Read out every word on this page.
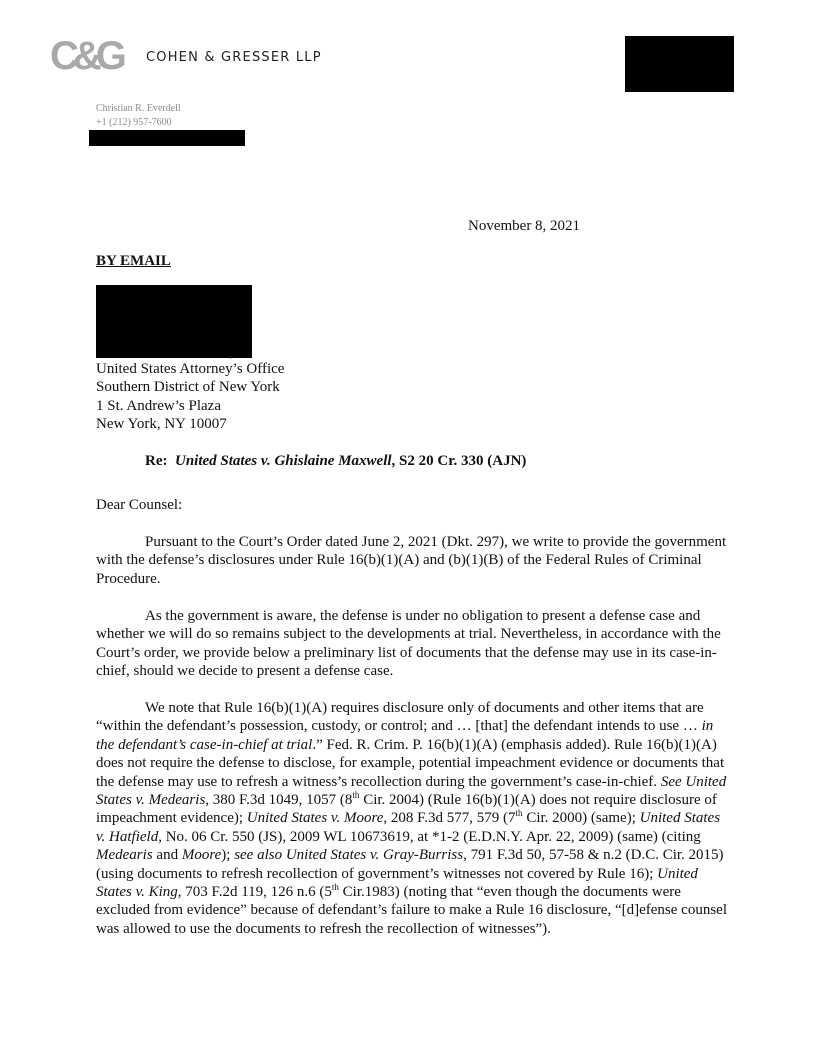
C&G COHEN & GRESSER LLP
Christian R. Everdell
+1 (212) 957-7600
November 8, 2021
BY EMAIL
United States Attorney’s Office
Southern District of New York
1 St. Andrew’s Plaza
New York, NY 10007
Re: United States v. Ghislaine Maxwell, S2 20 Cr. 330 (AJN)
Dear Counsel:

Pursuant to the Court’s Order dated June 2, 2021 (Dkt. 297), we write to provide the government with the defense’s disclosures under Rule 16(b)(1)(A) and (b)(1)(B) of the Federal Rules of Criminal Procedure.

As the government is aware, the defense is under no obligation to present a defense case and whether we will do so remains subject to the developments at trial. Nevertheless, in accordance with the Court’s order, we provide below a preliminary list of documents that the defense may use in its case-in-chief, should we decide to present a defense case.

We note that Rule 16(b)(1)(A) requires disclosure only of documents and other items that are “within the defendant’s possession, custody, or control; and … [that] the defendant intends to use … in the defendant’s case-in-chief at trial.” Fed. R. Crim. P. 16(b)(1)(A) (emphasis added). Rule 16(b)(1)(A) does not require the defense to disclose, for example, potential impeachment evidence or documents that the defense may use to refresh a witness’s recollection during the government’s case-in-chief. See United States v. Medearis, 380 F.3d 1049, 1057 (8th Cir. 2004) (Rule 16(b)(1)(A) does not require disclosure of impeachment evidence); United States v. Moore, 208 F.3d 577, 579 (7th Cir. 2000) (same); United States v. Hatfield, No. 06 Cr. 550 (JS), 2009 WL 10673619, at *1-2 (E.D.N.Y. Apr. 22, 2009) (same) (citing Medearis and Moore); see also United States v. Gray-Burriss, 791 F.3d 50, 57-58 & n.2 (D.C. Cir. 2015) (using documents to refresh recollection of government’s witnesses not covered by Rule 16); United States v. King, 703 F.2d 119, 126 n.6 (5th Cir.1983) (noting that “even though the documents were excluded from evidence” because of defendant’s failure to make a Rule 16 disclosure, “[d]efense counsel was allowed to use the documents to refresh the recollection of witnesses”).
